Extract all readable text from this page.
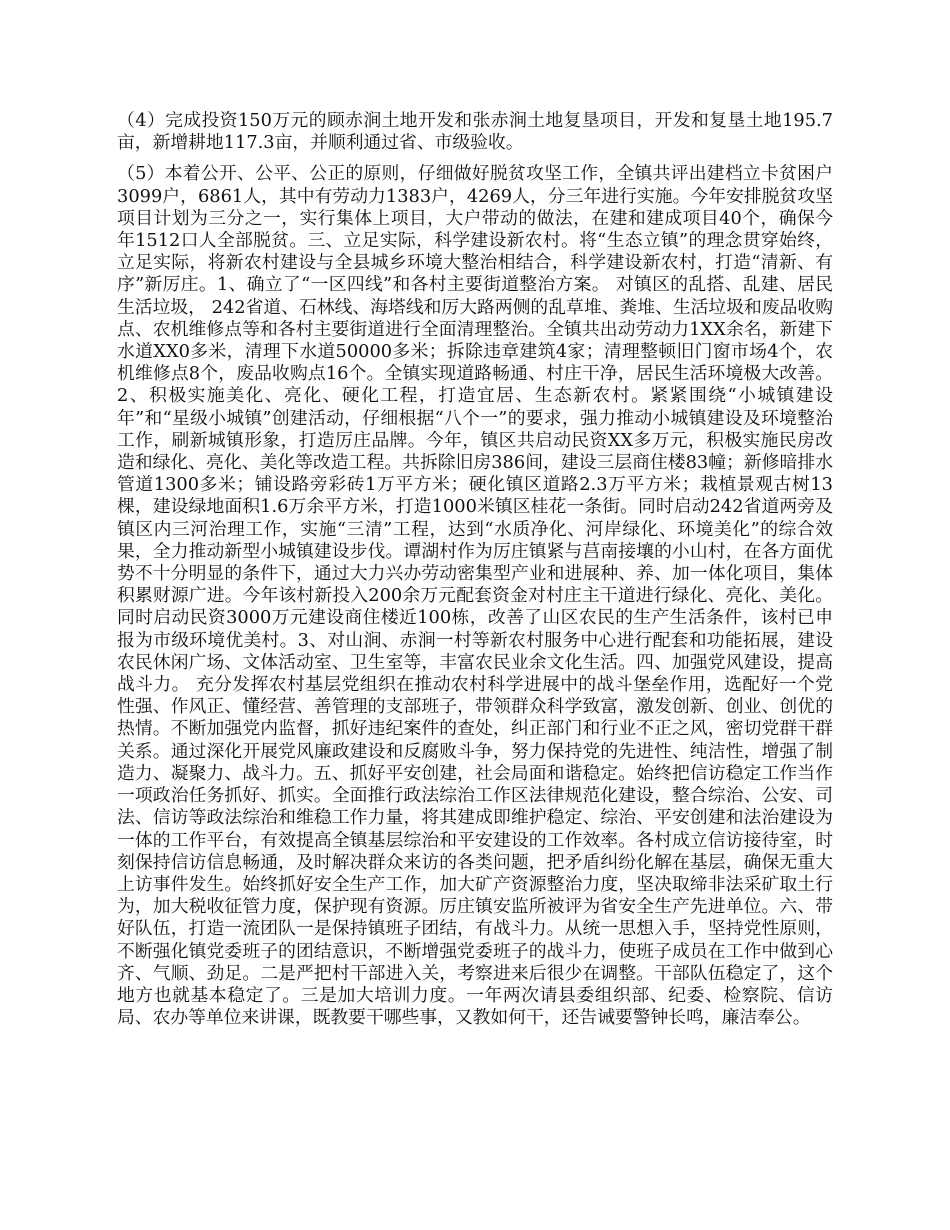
（4）完成投资150万元的顾赤涧土地开发和张赤涧土地复垦项目，开发和复垦土地195.7亩，新增耕地117.3亩，并顺利通过省、市级验收。

（5）本着公开、公平、公正的原则，仔细做好脱贫攻坚工作，全镇共评出建档立卡贫困户3099户，6861人，其中有劳动力1383户，4269人，分三年进行实施。今年安排脱贫攻坚项目计划为三分之一，实行集体上项目，大户带动的做法，在建和建成项目40个，确保今年1512口人全部脱贫。三、立足实际，科学建设新农村。将“生态立镇”的理念贯穿始终，立足实际，将新农村建设与全县城乡环境大整治相结合，科学建设新农村，打造“清新、有序”新厉庄。1、确立了“一区四线”和各村主要街道整治方案。 对镇区的乱搭、乱建、居民生活垃圾， 242省道、石林线、海塔线和厉大路两侧的乱草堆、粪堆、生活垃圾和废品收购点、农机维修点等和各村主要街道进行全面清理整治。全镇共出动劳动力1XX余名，新建下水道XX0多米，清理下水道50000多米；拆除违章建筑4家；清理整顿旧门窗市场4个，农机维修点8个，废品收购点16个。全镇实现道路畅通、村庄干净，居民生活环境极大改善。2、积极实施美化、亮化、硬化工程，打造宜居、生态新农村。紧紧围绕“小城镇建设年”和“星级小城镇”创建活动，仔细根据“八个一”的要求，强力推动小城镇建设及环境整治工作，刷新城镇形象，打造厉庄品牌。今年，镇区共启动民资XX多万元，积极实施民房改造和绿化、亮化、美化等改造工程。共拆除旧房386间，建设三层商住楼83幢；新修暗排水管道1300多米；铺设路旁彩砖1万平方米；硬化镇区道路2.3万平方米；栽植景观古树13棵，建设绿地面积1.6万余平方米，打造1000米镇区桂花一条街。同时启动242省道两旁及镇区内三河治理工作，实施“三清”工程，达到“水质净化、河岸绿化、环境美化”的综合效果，全力推动新型小城镇建设步伐。谭湖村作为厉庄镇紧与莒南接壤的小山村，在各方面优势不十分明显的条件下，通过大力兴办劳动密集型产业和进展种、养、加一体化项目，集体积累财源广进。今年该村新投入200余万元配套资金对村庄主干道进行绿化、亮化、美化。同时启动民资3000万元建设商住楼近100栋，改善了山区农民的生产生活条件，该村已申报为市级环境优美村。3、对山涧、赤涧一村等新农村服务中心进行配套和功能拓展，建设农民休闲广场、文体活动室、卫生室等，丰富农民业余文化生活。四、加强党风建设，提高战斗力。 充分发挥农村基层党组织在推动农村科学进展中的战斗堡垒作用，选配好一个党性强、作风正、懂经营、善管理的支部班子，带领群众科学致富，激发创新、创业、创优的热情。不断加强党内监督，抓好违纪案件的查处，纠正部门和行业不正之风，密切党群干群关系。通过深化开展党风廉政建设和反腐败斗争，努力保持党的先进性、纯洁性，增强了制造力、凝聚力、战斗力。五、抓好平安创建，社会局面和谐稳定。始终把信访稳定工作当作一项政治任务抓好、抓实。全面推行政法综治工作区法律规范化建设，整合综治、公安、司法、信访等政法综治和维稳工作力量，将其建成即维护稳定、综治、平安创建和法治建设为一体的工作平台，有效提高全镇基层综治和平安建设的工作效率。各村成立信访接待室，时刻保持信访信息畅通，及时解决群众来访的各类问题，把矛盾纠纷化解在基层，确保无重大上访事件发生。始终抓好安全生产工作，加大矿产资源整治力度，坚决取缔非法采矿取土行为，加大税收征管力度，保护现有资源。厉庄镇安监所被评为省安全生产先进单位。六、带好队伍，打造一流团队一是保持镇班子团结，有战斗力。从统一思想入手，坚持党性原则，不断强化镇党委班子的团结意识，不断增强党委班子的战斗力，使班子成员在工作中做到心齐、气顺、劲足。二是严把村干部进入关，考察进来后很少在调整。干部队伍稳定了，这个地方也就基本稳定了。三是加大培训力度。一年两次请县委组织部、纪委、检察院、信访局、农办等单位来讲课，既教要干哪些事，又教如何干，还告诫要警钟长鸣，廉洁奉公。
